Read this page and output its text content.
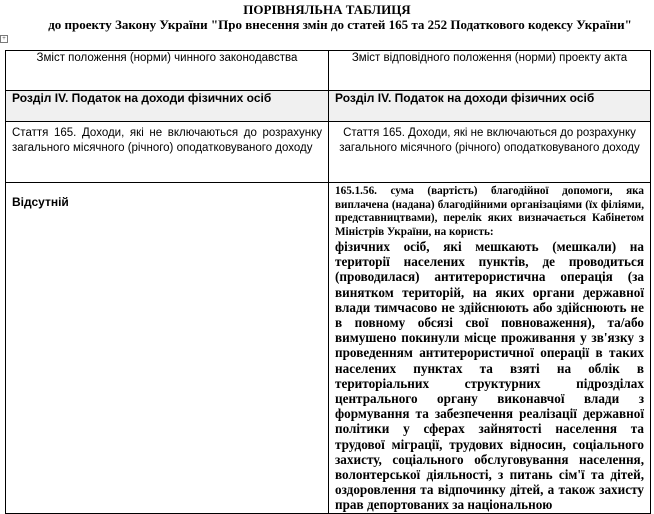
ПОРІВНЯЛЬНА ТАБЛИЦЯ
до проекту Закону України "Про внесення змін до статей 165 та 252 Податкового кодексу України"
+
Зміст положення (норми) чинного законодавства	Зміст відповідного положення (норми) проекту акта
Розділ IV. Податок на доходи фізичних осіб	Розділ IV. Податок на доходи фізичних осіб
Стаття 165. Доходи, які не включаються до розрахунку загального місячного (річного) оподатковуваного доходу	Стаття 165. Доходи, які не включаються до розрахунку загального місячного (річного) оподатковуваного доходу
Відсутній	165.1.56. сума (вартість) благодійної допомоги, яка виплачена (надана) благодійними організаціями (їх філіями, представництвами), перелік яких визначається Кабінетом Міністрів України, на користь:
фізичних осіб, які мешкають (мешкали) на території населених пунктів, де проводиться (проводилася) антитерористична операція (за винятком територій, на яких органи державної влади тимчасово не здійснюють або здійснюють не в повному обсязі свої повноваження), та/або вимушено покинули місце проживання у зв'язку з проведенням антитерористичної операції в таких населених пунктах та взяті на облік в територіальних структурних підрозділах центрального органу виконавчої влади з формування та забезпечення реалізації державної політики у сферах зайнятості населення та трудової міграції, трудових відносин, соціального захисту, соціального обслуговування населення, волонтерської діяльності, з питань сім'ї та дітей, оздоровлення та відпочинку дітей, а також захисту прав депортованих за національною
